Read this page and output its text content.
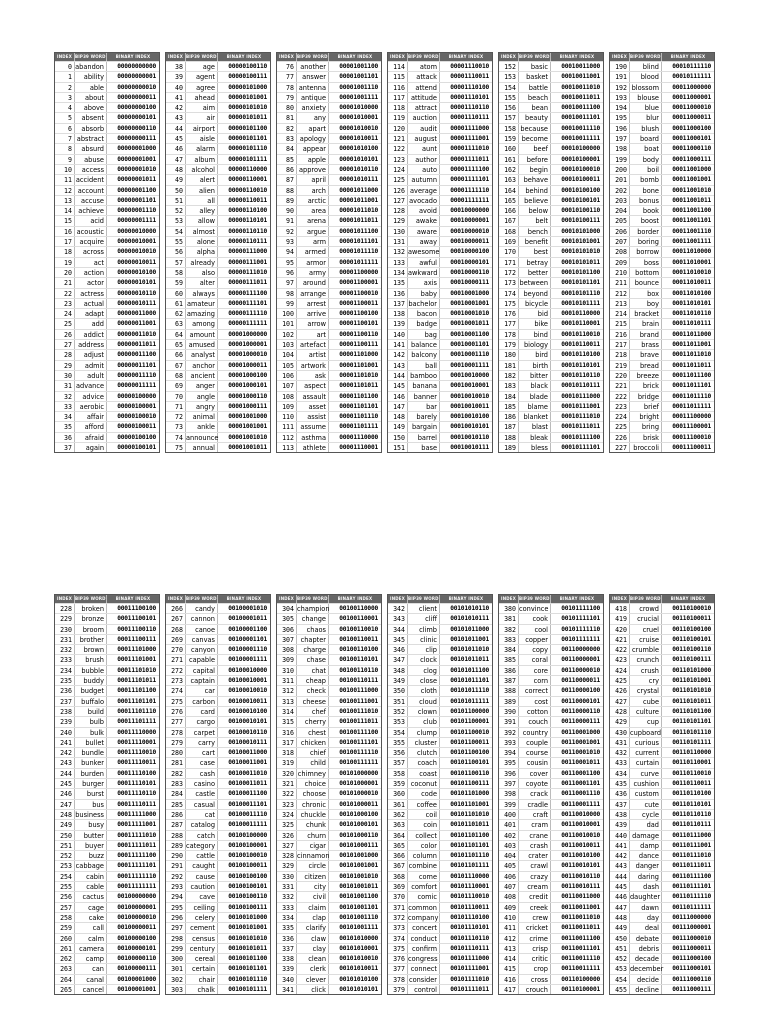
INDEX BIP39 WORD	BINARY INDEX
0 abandon	00000000000
1	ability	00000000001
2	able	00000000010
3	about	00000000011
4	above	00000000100
5	absent	00000000101
6	absorb	00000000110
7 abstract	00000000111
8	absurd	00000001000
9	abuse	00000001001
10	access	00000001010
11 accident	00000001011
12 account	00000001100
13	accuse	00000001101
14 achieve	00000001110
15	acid	00000001111
16 acoustic	00000010000
17	acquire	00000010001
18	across	00000010010
19	act	00000010011
20	action	00000010100
21	actor	00000010101
22	actress	00000010110
23	actual	00000010111
24	adapt	00000011000
25	add	00000011001
26	addict	00000011010
27 address	00000011011
28	adjust	00000011100
29	admit	00000011101
30	adult	00000011110
31 advance	00000011111
32	advice	00000100000
33	aerobic	00000100001
34	affair	00000100010
35	afford	00000100011
36	afraid	00000100100
37	again	00000100101
INDEX BIP39 WORD	BINARY INDEX
38	age	00000100110
39	agent	00000100111
40	agree	00000101000
41	ahead	00000101001
42	aim	00000101010
43	air	00000101011
44	airport	00000101100
45	aisle	00000101101
46	alarm	00000101110
47	album	00000101111
48	alcohol	00000110000
49	alert	00000110001
50	alien	00000110010
51	all	00000110011
52	alley	00000110100
53	allow	00000110101
54	almost	00000110110
55	alone	00000110111
56	alpha	00000111000
57	already	00000111001
58	also	00000111010
59	alter	00000111011
60	always	00000111100
61 amateur	00000111101
62 amazing	00000111110
63	among	00000111111
64 amount	00001000000
65 amused	00001000001
66	analyst	00001000010
67	anchor	00001000011
68	ancient	00001000100
69	anger	00001000101
70	angle	00001000110
71	angry	00001000111
72	animal	00001001000
73	ankle	00001001001
74 announce	00001001010
75	annual	00001001011
INDEX BIP39 WORD	BINARY INDEX
76 another	00001001100
77	answer	00001001101
78 antenna	00001001110
79	antique	00001001111
80	anxiety	00001010000
81	any	00001010001
82	apart	00001010010
83 apology	00001010011
84	appear	00001010100
85	apple	00001010101
86 approve	00001010110
87	april	00001010111
88	arch	00001011000
89	arctic	00001011001
90	area	00001011010
91	arena	00001011011
92	argue	00001011100
93	arm	00001011101
94	armed	00001011110
95	armor	00001011111
96	army	00001100000
97	around	00001100001
98 arrange	00001100010
99	arrest	00001100011
100	arrive	00001100100
101	arrow	00001100101
102	art	00001100110
103 artefact	00001100111
104	artist	00001101000
105	artwork	00001101001
106	ask	00001101010
107	aspect	00001101011
108	assault	00001101100
109	asset	00001101101
110	assist	00001101110
111 assume	00001101111
112	asthma	00001110000
113	athlete	00001110001
INDEX BIP39 WORD	BINARY INDEX
114	atom	00001110010
115	attack	00001110011
116	attend	00001110100
117 attitude	00001110101
118	attract	00001110110
119	auction	00001110111
120	audit	00001111000
121	august	00001111001
122	aunt	00001111010
123	author	00001111011
124	auto	00001111100
125 autumn	00001111101
126 average	00001111110
127 avocado	00001111111
128	avoid	00010000000
129	awake	00010000001
130	aware	00010000010
131	away	00010000011
132 awesome	00010000100
133	awful	00010000101
134 awkward	00010000110
135	axis	00010000111
136	baby	00010001000
137 bachelor	00010001001
138	bacon	00010001010
139	badge	00010001011
140	bag	00010001100
141 balance	00010001101
142 balcony	00010001110
143	ball	00010001111
144 bamboo	00010010000
145	banana	00010010001
146	banner	00010010010
147	bar	00010010011
148	barely	00010010100
149	bargain	00010010101
150	barrel	00010010110
151	base	00010010111
INDEX BIP39 WORD	BINARY INDEX
152	basic	00010011000
153	basket	00010011001
154	battle	00010011010
155	beach	00010011011
156	bean	00010011100
157	beauty	00010011101
158 because	00010011110
159 become	00010011111
160	beef	00010100000
161	before	00010100001
162	begin	00010100010
163	behave	00010100011
164	behind	00010100100
165	believe	00010100101
166	below	00010100110
167	belt	00010100111
168	bench	00010101000
169	benefit	00010101001
170	best	00010101010
171	betray	00010101011
172	better	00010101100
173 between	00010101101
174	beyond	00010101110
175	bicycle	00010101111
176	bid	00010110000
177	bike	00010110001
178	bind	00010110010
179	biology	00010110011
180	bird	00010110100
181	birth	00010110101
182	bitter	00010110110
183	black	00010110111
184	blade	00010111000
185	blame	00010111001
186	blanket	00010111010
187	blast	00010111011
188	bleak	00010111100
189	bless	00010111101
INDEX BIP39 WORD	BINARY INDEX
190	blind	00010111110
191	blood	00010111111
192 blossom	00011000000
193	blouse	00011000001
194	blue	00011000010
195	blur	00011000011
196	blush	00011000100
197	board	00011000101
198	boat	00011000110
199	body	00011000111
200	boil	00011001000
201	bomb	00011001001
202	bone	00011001010
203	bonus	00011001011
204	book	00011001100
205	boost	00011001101
206	border	00011001110
207	boring	00011001111
208	borrow	00011010000
209	boss	00011010001
210	bottom	00011010010
211	bounce	00011010011
212	box	00011010100
213	boy	00011010101
214	bracket	00011010110
215	brain	00011010111
216	brand	00011011000
217	brass	00011011001
218	brave	00011011010
219	bread	00011011011
220	breeze	00011011100
221	brick	00011011101
222	bridge	00011011110
223	brief	00011011111
224	bright	00011100000
225	bring	00011100001
226	brisk	00011100010
227 broccoli	00011100011
INDEX BIP39 WORD	BINARY INDEX
228	broken	00011100100
229	bronze	00011100101
230	broom	00011100110
231	brother	00011100111
232	brown	00011101000
233	brush	00011101001
234	bubble	00011101010
235	buddy	00011101011
236	budget	00011101100
237	buffalo	00011101101
238	build	00011101110
239	bulb	00011101111
240	bulk	00011110000
241	bullet	00011110001
242	bundle	00011110010
243	bunker	00011110011
244	burden	00011110100
245	burger	00011110101
246	burst	00011110110
247	bus	00011110111
248 business	00011111000
249	busy	00011111001
250	butter	00011111010
251	buyer	00011111011
252	buzz	00011111100
253 cabbage	00011111101
254	cabin	00011111110
255	cable	00011111111
256	cactus	00100000000
257	cage	00100000001
258	cake	00100000010
259	call	00100000011
260	calm	00100000100
261	camera	00100000101
262	camp	00100000110
263	can	00100000111
264	canal	00100001000
265	cancel	00100001001
INDEX BIP39 WORD	BINARY INDEX
266	candy	00100001010
267	cannon	00100001011
268	canoe	00100001100
269	canvas	00100001101
270	canyon	00100001110
271 capable	00100001111
272	capital	00100010000
273	captain	00100010001
274	car	00100010010
275	carbon	00100010011
276	card	00100010100
277	cargo	00100010101
278	carpet	00100010110
279	carry	00100010111
280	cart	00100011000
281	case	00100011001
282	cash	00100011010
283	casino	00100011011
284	castle	00100011100
285	casual	00100011101
286	cat	00100011110
287	catalog	00100011111
288	catch	00100100000
289 category	00100100001
290	cattle	00100100010
291	caught	00100100011
292	cause	00100100100
293	caution	00100100101
294	cave	00100100110
295	ceiling	00100100111
296	celery	00100101000
297	cement	00100101001
298	census	00100101010
299	century	00100101011
300	cereal	00100101100
301	certain	00100101101
302	chair	00100101110
303	chalk	00100101111
INDEX BIP39 WORD	BINARY INDEX
304 champion	00100110000
305	change	00100110001
306	chaos	00100110010
307	chapter	00100110011
308	charge	00100110100
309	chase	00100110101
310	chat	00100110110
311	cheap	00100110111
312	check	00100111000
313	cheese	00100111001
314	chef	00100111010
315	cherry	00100111011
316	chest	00100111100
317	chicken	00100111101
318	chief	00100111110
319	child	00100111111
320 chimney	00101000000
321	choice	00101000001
322	choose	00101000010
323	chronic	00101000011
324	chuckle	00101000100
325	chunk	00101000101
326	churn	00101000110
327	cigar	00101000111
328 cinnamon	00101001000
329	circle	00101001001
330	citizen	00101001010
331	city	00101001011
332	civil	00101001100
333	claim	00101001101
334	clap	00101001110
335	clarify	00101001111
336	claw	00101010000
337	clay	00101010001
338	clean	00101010010
339	clerk	00101010011
340	clever	00101010100
341	click	00101010101
INDEX BIP39 WORD	BINARY INDEX
342	client	00101010110
343	cliff	00101010111
344	climb	00101011000
345	clinic	00101011001
346	clip	00101011010
347	clock	00101011011
348	clog	00101011100
349	close	00101011101
350	cloth	00101011110
351	cloud	00101011111
352	clown	00101100000
353	club	00101100001
354	clump	00101100010
355	cluster	00101100011
356	clutch	00101100100
357	coach	00101100101
358	coast	00101100110
359 coconut	00101100111
360	code	00101101000
361	coffee	00101101001
362	coil	00101101010
363	coin	00101101011
364	collect	00101101100
365	color	00101101101
366	column	00101101110
367 combine	00101101111
368	come	00101110000
369 comfort	00101110001
370	comic	00101110010
371 common	00101110011
372 company	00101110100
373	concert	00101110101
374 conduct	00101110110
375	confirm	00101110111
376 congress	00101111000
377 connect	00101111001
378 consider	00101111010
379	control	00101111011
INDEX BIP39 WORD	BINARY INDEX
380 convince	00101111100
381	cook	00101111101
382	cool	00101111110
383	copper	00101111111
384	copy	00110000000
385	coral	00110000001
386	core	00110000010
387	corn	00110000011
388	correct	00110000100
389	cost	00110000101
390	cotton	00110000110
391	couch	00110000111
392	country	00110001000
393	couple	00110001001
394	course	00110001010
395	cousin	00110001011
396	cover	00110001100
397	coyote	00110001101
398	crack	00110001110
399	cradle	00110001111
400	craft	00110010000
401	cram	00110010001
402	crane	00110010010
403	crash	00110010011
404	crater	00110010100
405	crawl	00110010101
406	crazy	00110010110
407	cream	00110010111
408	credit	00110011000
409	creek	00110011001
410	crew	00110011010
411	cricket	00110011011
412	crime	00110011100
413	crisp	00110011101
414	critic	00110011110
415	crop	00110011111
416	cross	00110100000
417	crouch	00110100001
INDEX BIP39 WORD	BINARY INDEX
418	crowd	00110100010
419	crucial	00110100011
420	cruel	00110100100
421	cruise	00110100101
422 crumble	00110100110
423	crunch	00110100111
424	crush	00110101000
425	cry	00110101001
426	crystal	00110101010
427	cube	00110101011
428	culture	00110101100
429	cup	00110101101
430 cupboard	00110101110
431	curious	00110101111
432	current	00110110000
433	curtain	00110110001
434	curve	00110110010
435 cushion	00110110011
436	custom	00110110100
437	cute	00110110101
438	cycle	00110110110
439	dad	00110110111
440 damage	00110111000
441	damp	00110111001
442	dance	00110111010
443	danger	00110111011
444	daring	00110111100
445	dash	00110111101
446 daughter	00110111110
447	dawn	00110111111
448	day	00111000000
449	deal	00111000001
450	debate	00111000010
451	debris	00111000011
452	decade	00111000100
453 december	00111000101
454	decide	00111000110
455	decline	00111000111
